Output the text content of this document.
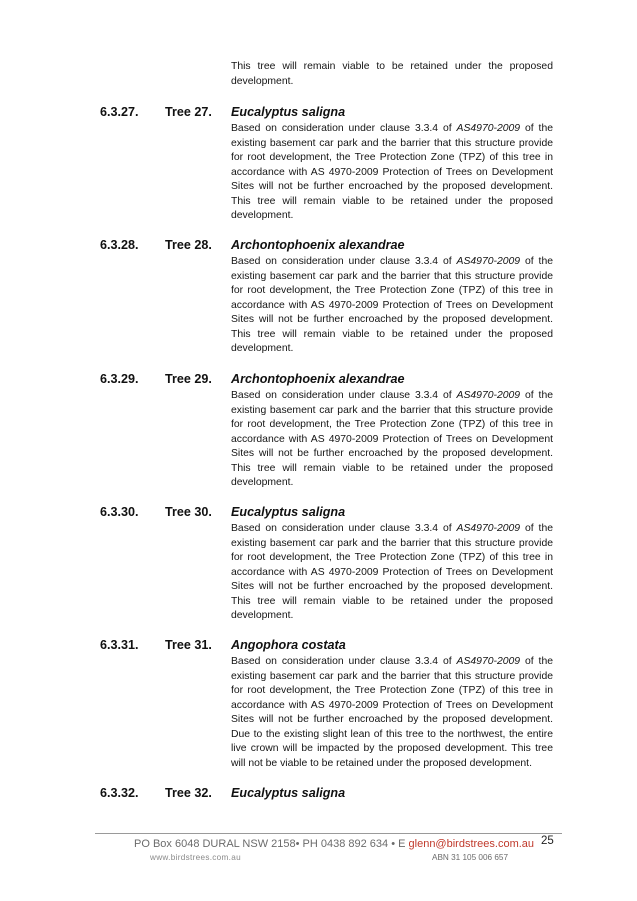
This tree will remain viable to be retained under the proposed development.

6.3.27. Tree 27. Eucalyptus saligna

Based on consideration under clause 3.3.4 of AS4970-2009 of the existing basement car park and the barrier that this structure provide for root development, the Tree Protection Zone (TPZ) of this tree in accordance with AS 4970-2009 Protection of Trees on Development Sites will not be further encroached by the proposed development. This tree will remain viable to be retained under the proposed development.

6.3.28. Tree 28. Archontophoenix alexandrae

Based on consideration under clause 3.3.4 of AS4970-2009 of the existing basement car park and the barrier that this structure provide for root development, the Tree Protection Zone (TPZ) of this tree in accordance with AS 4970-2009 Protection of Trees on Development Sites will not be further encroached by the proposed development. This tree will remain viable to be retained under the proposed development.

6.3.29. Tree 29. Archontophoenix alexandrae

Based on consideration under clause 3.3.4 of AS4970-2009 of the existing basement car park and the barrier that this structure provide for root development, the Tree Protection Zone (TPZ) of this tree in accordance with AS 4970-2009 Protection of Trees on Development Sites will not be further encroached by the proposed development. This tree will remain viable to be retained under the proposed development.

6.3.30. Tree 30. Eucalyptus saligna

Based on consideration under clause 3.3.4 of AS4970-2009 of the existing basement car park and the barrier that this structure provide for root development, the Tree Protection Zone (TPZ) of this tree in accordance with AS 4970-2009 Protection of Trees on Development Sites will not be further encroached by the proposed development. This tree will remain viable to be retained under the proposed development.

6.3.31. Tree 31. Angophora costata

Based on consideration under clause 3.3.4 of AS4970-2009 of the existing basement car park and the barrier that this structure provide for root development, the Tree Protection Zone (TPZ) of this tree in accordance with AS 4970-2009 Protection of Trees on Development Sites will not be further encroached by the proposed development. Due to the existing slight lean of this tree to the northwest, the entire live crown will be impacted by the proposed development. This tree will not be viable to be retained under the proposed development.

6.3.32. Tree 32. Eucalyptus saligna
PO Box 6048 DURAL NSW 2158• PH 0438 892 634 • E glenn@birdstrees.com.au
www.birdstrees.com.au	ABN 31 105 006 657
25
